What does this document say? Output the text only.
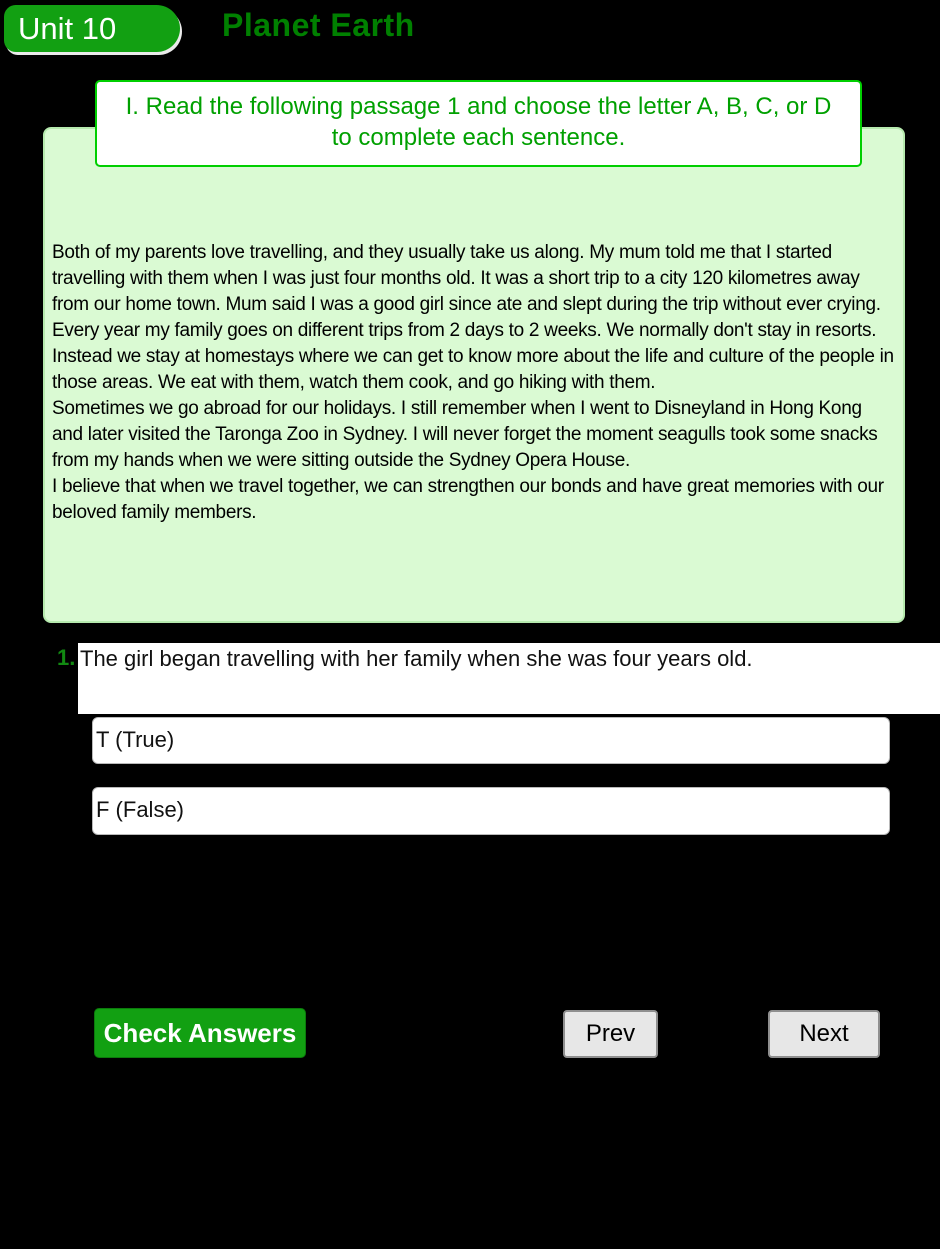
Unit 10	Planet Earth
I. Read the following passage 1 and choose the letter A, B, C, or D to complete each sentence.

Both of my parents love travelling, and they usually take us along. My mum told me that I started travelling with them when I was just four months old. It was a short trip to a city 120 kilometres away from our home town. Mum said I was a good girl since ate and slept during the trip without ever crying.

Every year my family goes on different trips from 2 days to 2 weeks. We normally don't stay in resorts. Instead we stay at homestays where we can get to know more about the life and culture of the people in those areas. We eat with them, watch them cook, and go hiking with them.

Sometimes we go abroad for our holidays. I still remember when I went to Disneyland in Hong Kong and later visited the Taronga Zoo in Sydney. I will never forget the moment seagulls took some snacks from my hands when we were sitting outside the Sydney Opera House.

I believe that when we travel together, we can strengthen our bonds and have great memories with our beloved family members.

1. The girl began travelling with her family when she was four years old.
T (True)
F (False)
Check Answers	Prev	Next
